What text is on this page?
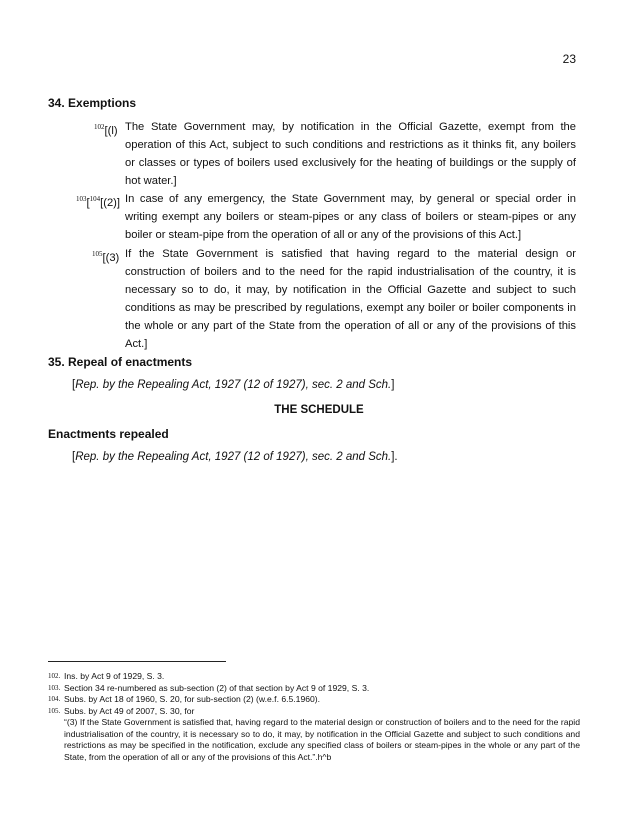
23
34. Exemptions
$^{102}$[(l) The State Government may, by notification in the Official Gazette, exempt from the operation of this Act, subject to such conditions and restrictions as it thinks fit, any boilers or classes or types of boilers used exclusively for the heating of buildings or the supply of hot water.]
$^{103}$[$^{104}$[(2)] In case of any emergency, the State Government may, by general or special order in writing exempt any boilers or steam-pipes or any class of boilers or steam-pipes or any boiler or steam-pipe from the operation of all or any of the provisions of this Act.]
$^{105}$[(3) If the State Government is satisfied that having regard to the material design or construction of boilers and to the need for the rapid industrialisation of the country, it is necessary so to do, it may, by notification in the Official Gazette and subject to such conditions as may be prescribed by regulations, exempt any boiler or boiler components in the whole or any part of the State from the operation of all or any of the provisions of this Act.]
35. Repeal of enactments
[Rep. by the Repealing Act, 1927 (12 of 1927), sec. 2 and Sch.]
THE SCHEDULE
Enactments repealed
[Rep. by the Repealing Act, 1927 (12 of 1927), sec. 2 and Sch.].
102. Ins. by Act 9 of 1929, S. 3.
103. Section 34 re-numbered as sub-section (2) of that section by Act 9 of 1929, S. 3.
104. Subs. by Act 18 of 1960, S. 20, for sub-section (2) (w.e.f. 6.5.1960).
105. Subs. by Act 49 of 2007, S. 30, for
“(3) If the State Government is satisfied that, having regard to the material design or construction of boilers and to the need for the rapid industrialisation of the country, it is necessary so to do, it may, by notification in the Official Gazette and subject to such conditions and restrictions as may be specified in the notification, exclude any specified class of boilers or steam-pipes in the whole or any part of the State, from the operation of all or any of the provisions of this Act.”.h^b
